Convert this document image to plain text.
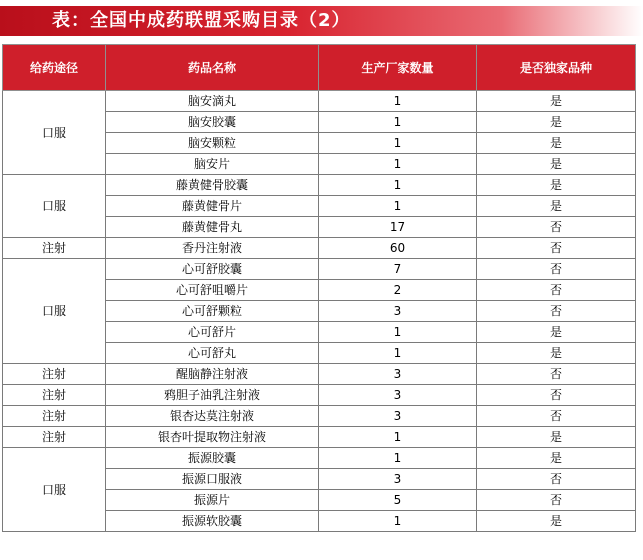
表：全国中成药联盟采购目录（2）
给药途径	药品名称	生产厂家数量	是否独家品种
口服	脑安滴丸	1	是
	脑安胶囊	1	是
	脑安颗粒	1	是
	脑安片	1	是
口服	藤黄健骨胶囊	1	是
	藤黄健骨片	1	是
	藤黄健骨丸	17	否
注射	香丹注射液	60	否
口服	心可舒胶囊	7	否
	心可舒咀嚼片	2	否
	心可舒颗粒	3	否
	心可舒片	1	是
	心可舒丸	1	是
注射	醒脑静注射液	3	否
注射	鸦胆子油乳注射液	3	否
注射	银杏达莫注射液	3	否
注射	银杏叶提取物注射液	1	是
口服	振源胶囊	1	是
	振源口服液	3	否
	振源片	5	否
	振源软胶囊	1	是
